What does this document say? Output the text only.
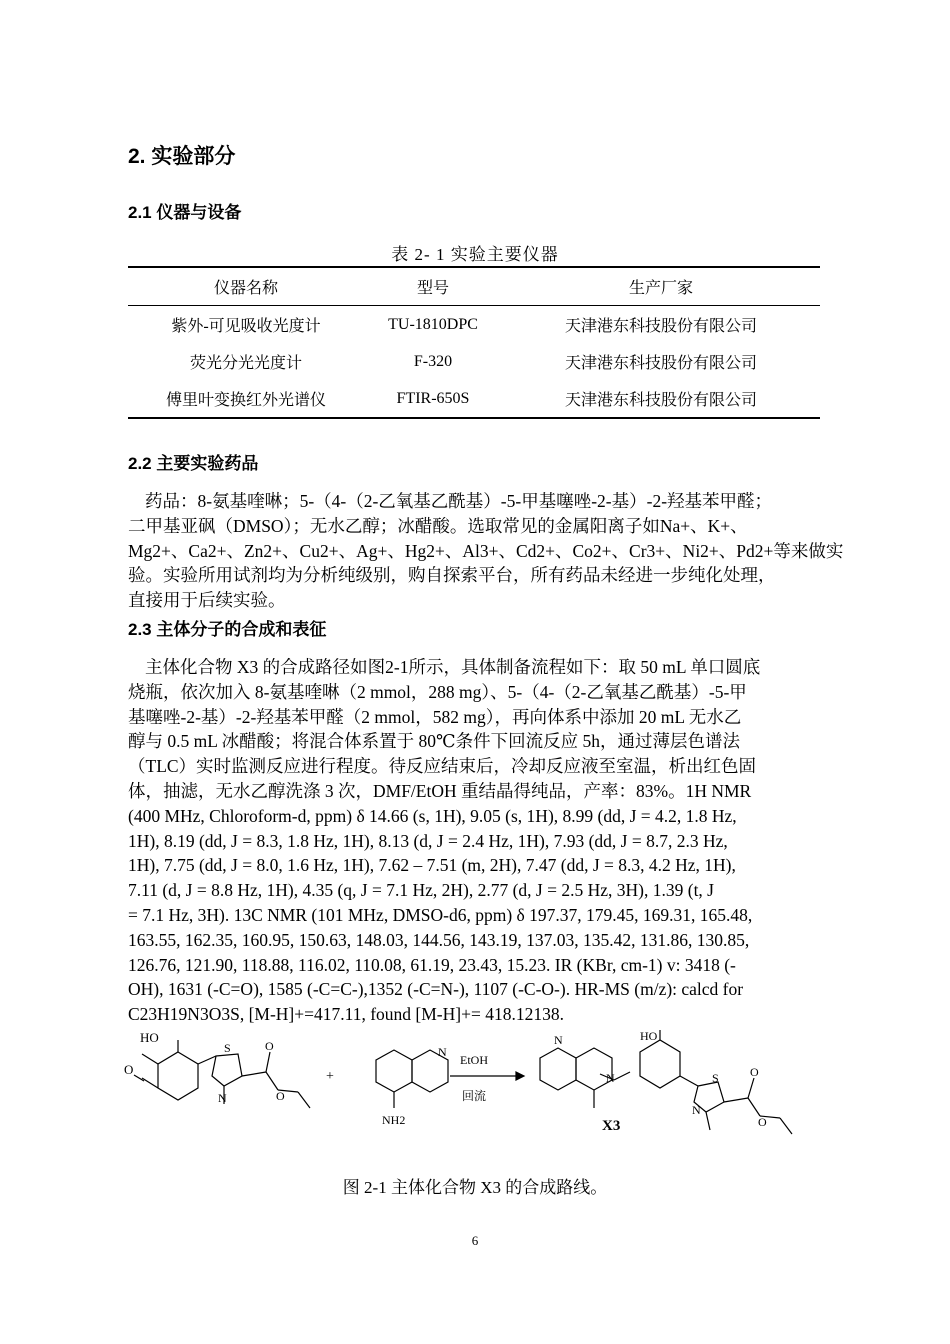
2. 实验部分
2.1 仪器与设备
表 2- 1 实验主要仪器
仪器名称	型号	生产厂家
紫外-可见吸收光度计	TU-1810DPC	天津港东科技股份有限公司
荧光分光光度计	F-320	天津港东科技股份有限公司
傅里叶变换红外光谱仪	FTIR-650S	天津港东科技股份有限公司
2.2 主要实验药品
药品：8-氨基喹啉；5-（4-（2-乙氧基乙酰基）-5-甲基噻唑-2-基）-2-羟基苯甲醛；
二甲基亚砜（DMSO）；无水乙醇；冰醋酸。选取常见的金属阳离子如Na+、K+、
Mg2+、Ca2+、Zn2+、Cu2+、Ag+、Hg2+、Al3+、Cd2+、Co2+、Cr3+、Ni2+、Pd2+等来做实
验。实验所用试剂均为分析纯级别，购自探索平台，所有药品未经进一步纯化处理，
直接用于后续实验。
2.3 主体分子的合成和表征
主体化合物 X3 的合成路径如图2-1所示，具体制备流程如下：取 50 mL 单口圆底
烧瓶，依次加入 8-氨基喹啉（2 mmol，288 mg）、5-（4-（2-乙氧基乙酰基）-5-甲
基噻唑-2-基）-2-羟基苯甲醛（2 mmol，582 mg），再向体系中添加 20 mL 无水乙
醇与 0.5 mL 冰醋酸；将混合体系置于 80℃条件下回流反应 5h，通过薄层色谱法
（TLC）实时监测反应进行程度。待反应结束后，冷却反应液至室温，析出红色固
体，抽滤，无水乙醇洗涤 3 次，DMF/EtOH 重结晶得纯品，产率：83%。1H NMR
(400 MHz, Chloroform-d, ppm) δ 14.66 (s, 1H), 9.05 (s, 1H), 8.99 (dd, J = 4.2, 1.8 Hz,
1H), 8.19 (dd, J = 8.3, 1.8 Hz, 1H), 8.13 (d, J = 2.4 Hz, 1H), 7.93 (dd, J = 8.7, 2.3 Hz,
1H), 7.75 (dd, J = 8.0, 1.6 Hz, 1H), 7.62 – 7.51 (m, 2H), 7.47 (dd, J = 8.3, 4.2 Hz, 1H),
7.11 (d, J = 8.8 Hz, 1H), 4.35 (q, J = 7.1 Hz, 2H), 2.77 (d, J = 2.5 Hz, 3H), 1.39 (t, J
= 7.1 Hz, 3H). 13C NMR (101 MHz, DMSO-d6, ppm) δ 197.37, 179.45, 169.31, 165.48,
163.55, 162.35, 160.95, 150.63, 148.03, 144.56, 143.19, 137.03, 135.42, 131.86, 130.85,
126.76, 121.90, 118.88, 116.02, 110.08, 61.19, 23.43, 15.23. IR (KBr, cm-1) v: 3418 (-
OH), 1631 (-C=O), 1585 (-C=C-),1352 (-C=N-), 1107 (-C-O-). HR-MS (m/z): calcd for
C23H19N3O3S, [M-H]+=417.11, found [M-H]+= 418.12138.
HO
O
S
N
O
O
+
N
NH2
EtOH
回流
N
N
HO
S
N
O
O
X3
图 2-1 主体化合物 X3 的合成路线。
6
